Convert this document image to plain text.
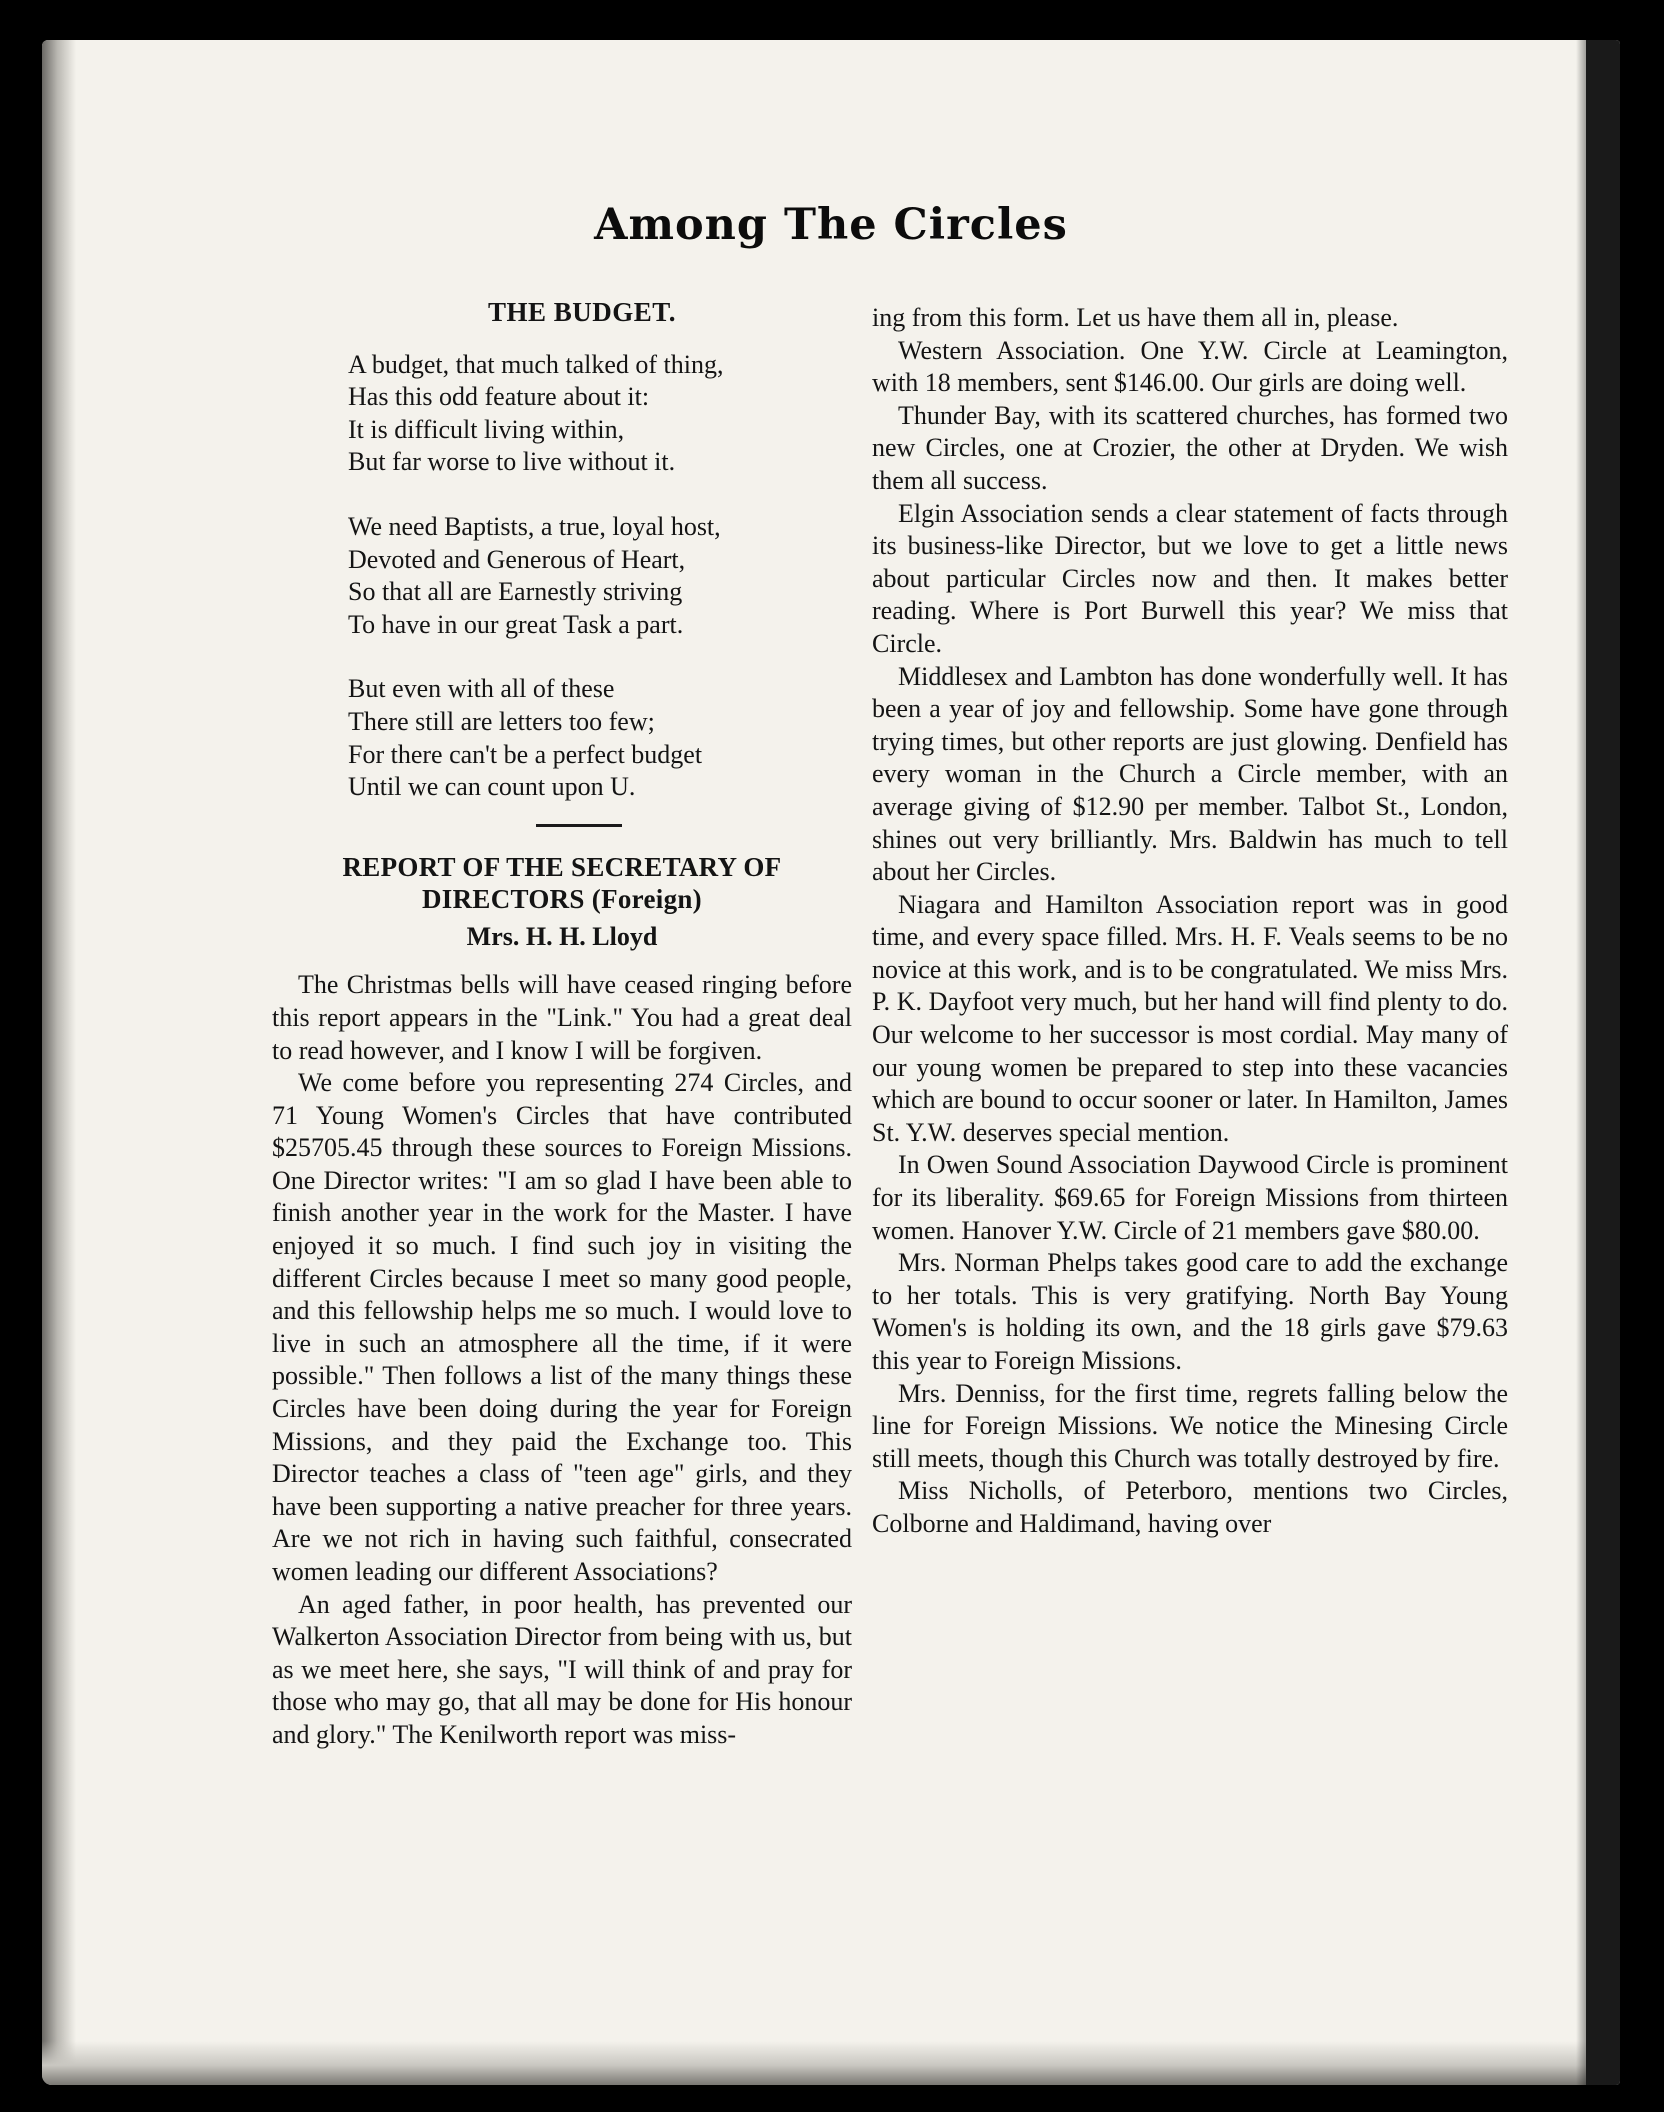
Among The Circles
THE BUDGET.
A budget, that much talked of thing,
Has this odd feature about it:
It is difficult living within,
But far worse to live without it.
We need Baptists, a true, loyal host,
Devoted and Generous of Heart,
So that all are Earnestly striving
To have in our great Task a part.
But even with all of these
There still are letters too few;
For there can't be a perfect budget
Until we can count upon U.
REPORT OF THE SECRETARY OF
DIRECTORS (Foreign)
Mrs. H. H. Lloyd

The Christmas bells will have ceased ringing before this report appears in the "Link." You had a great deal to read however, and I know I will be forgiven.

We come before you representing 274 Circles, and 71 Young Women's Circles that have contributed $25705.45 through these sources to Foreign Missions. One Director writes: "I am so glad I have been able to finish another year in the work for the Master. I have enjoyed it so much. I find such joy in visiting the different Circles because I meet so many good people, and this fellowship helps me so much. I would love to live in such an atmosphere all the time, if it were possible." Then follows a list of the many things these Circles have been doing during the year for Foreign Missions, and they paid the Exchange too. This Director teaches a class of "teen age" girls, and they have been supporting a native preacher for three years. Are we not rich in having such faithful, consecrated women leading our different Associations?

An aged father, in poor health, has prevented our Walkerton Association Director from being with us, but as we meet here, she says, "I will think of and pray for those who may go, that all may be done for His honour and glory." The Kenilworth report was miss-

ing from this form. Let us have them all in, please.

Western Association. One Y.W. Circle at Leamington, with 18 members, sent $146.00. Our girls are doing well.

Thunder Bay, with its scattered churches, has formed two new Circles, one at Crozier, the other at Dryden. We wish them all success.

Elgin Association sends a clear statement of facts through its business-like Director, but we love to get a little news about particular Circles now and then. It makes better reading. Where is Port Burwell this year? We miss that Circle.

Middlesex and Lambton has done wonderfully well. It has been a year of joy and fellowship. Some have gone through trying times, but other reports are just glowing. Denfield has every woman in the Church a Circle member, with an average giving of $12.90 per member. Talbot St., London, shines out very brilliantly. Mrs. Baldwin has much to tell about her Circles.

Niagara and Hamilton Association report was in good time, and every space filled. Mrs. H. F. Veals seems to be no novice at this work, and is to be congratulated. We miss Mrs. P. K. Dayfoot very much, but her hand will find plenty to do. Our welcome to her successor is most cordial. May many of our young women be prepared to step into these vacancies which are bound to occur sooner or later. In Hamilton, James St. Y.W. deserves special mention.

In Owen Sound Association Daywood Circle is prominent for its liberality. $69.65 for Foreign Missions from thirteen women. Hanover Y.W. Circle of 21 members gave $80.00.

Mrs. Norman Phelps takes good care to add the exchange to her totals. This is very gratifying. North Bay Young Women's is holding its own, and the 18 girls gave $79.63 this year to Foreign Missions.

Mrs. Denniss, for the first time, regrets falling below the line for Foreign Missions. We notice the Minesing Circle still meets, though this Church was totally destroyed by fire.

Miss Nicholls, of Peterboro, mentions two Circles, Colborne and Haldimand, having over
